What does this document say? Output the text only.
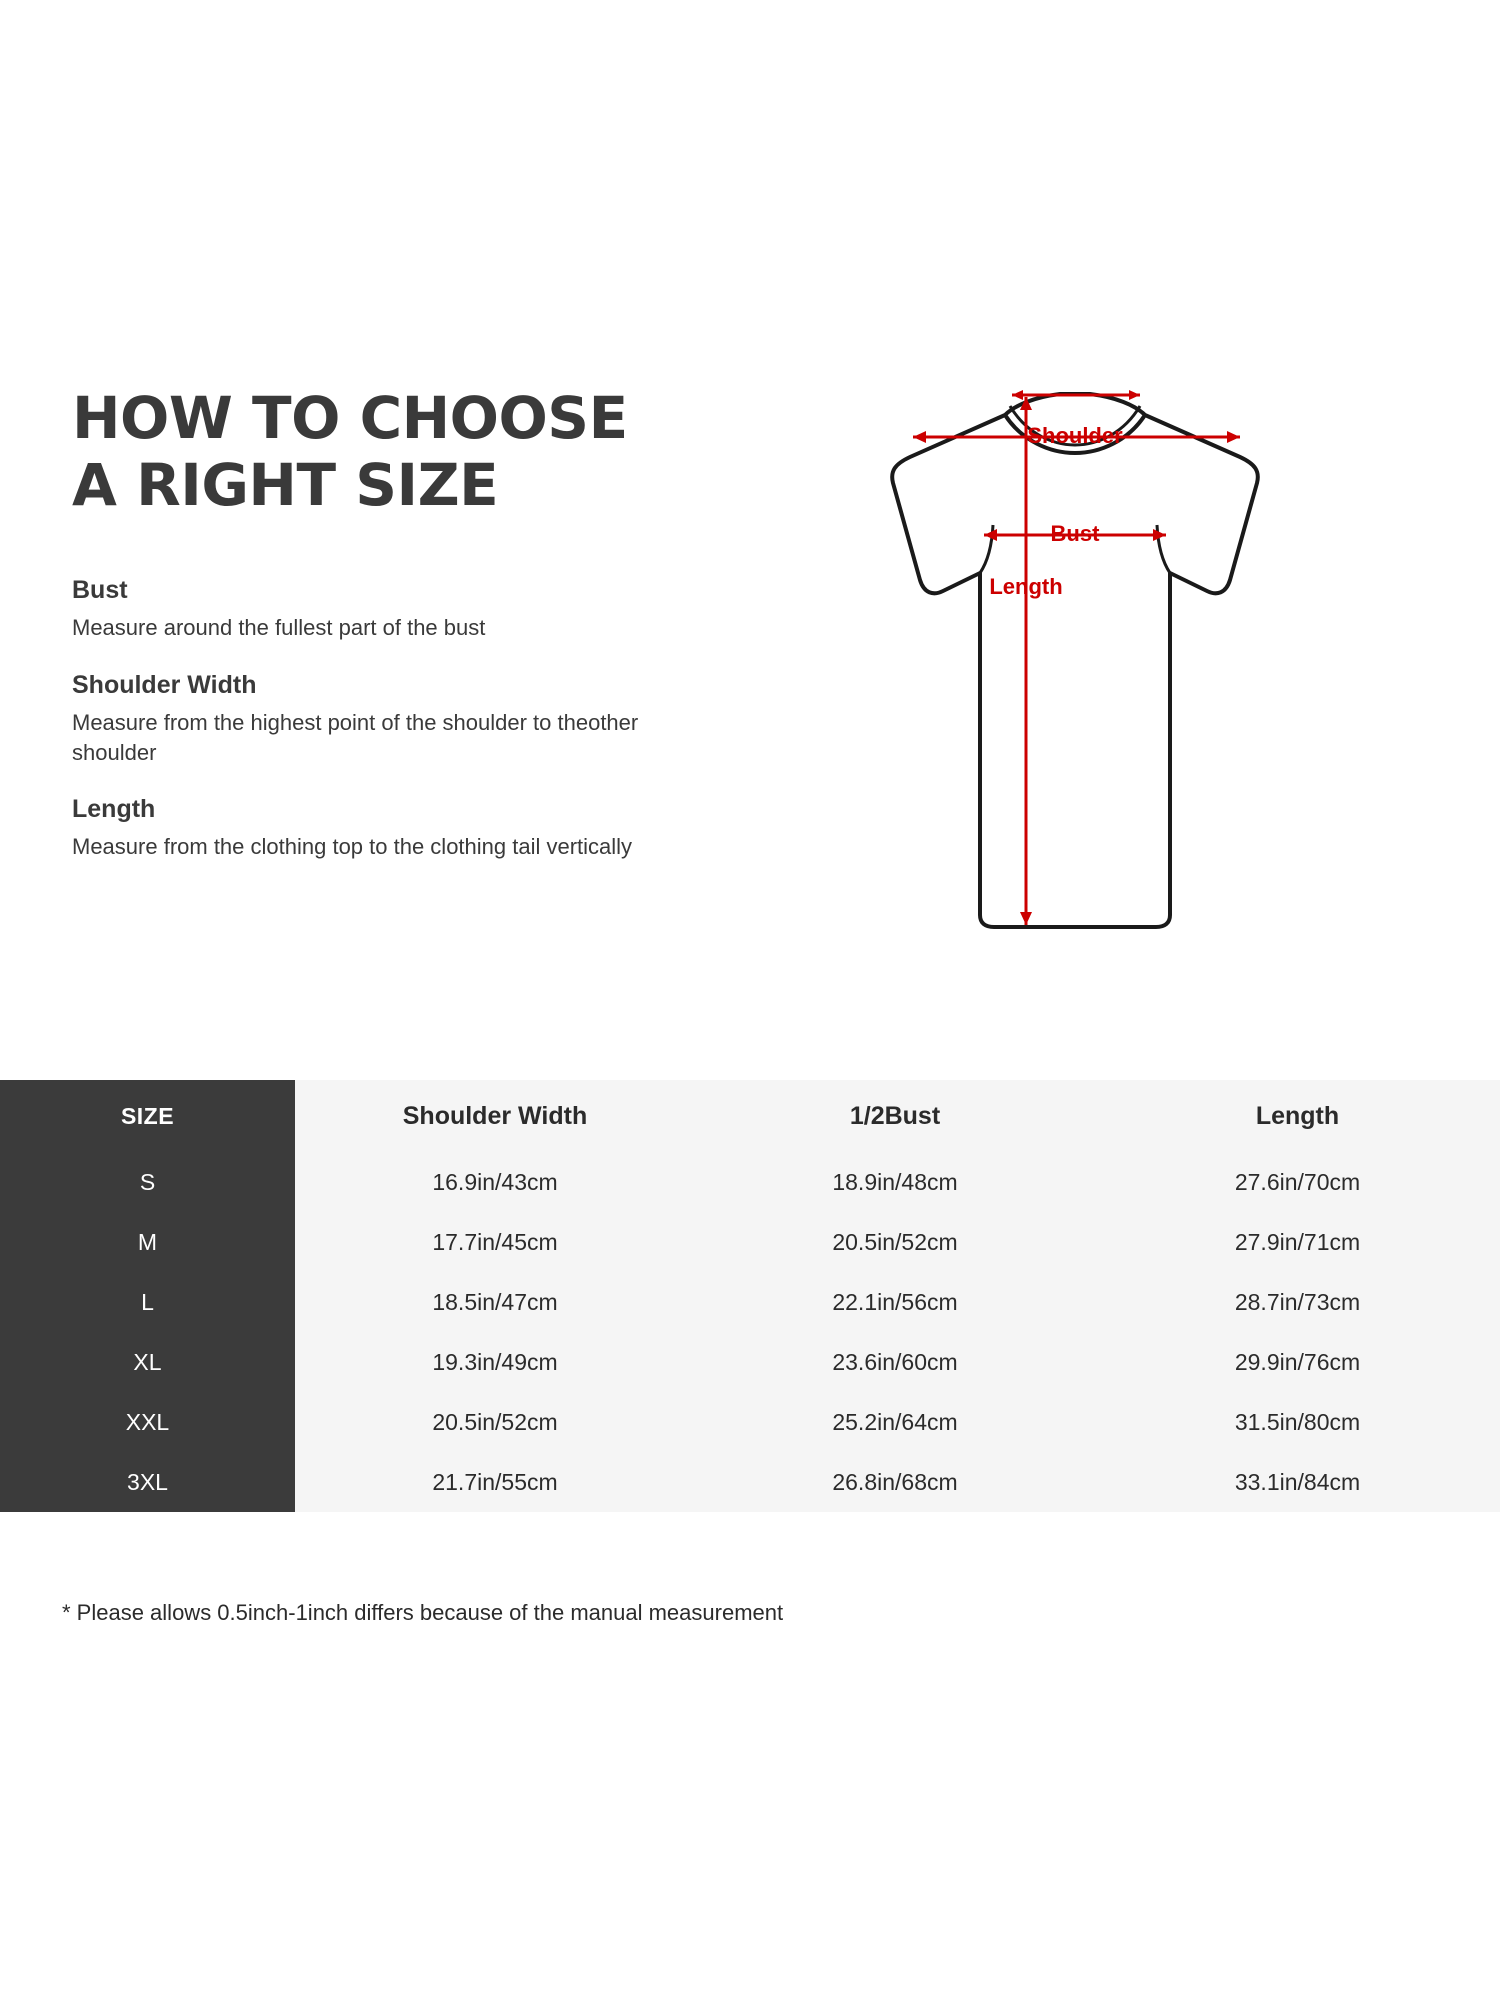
HOW TO CHOOSE
A RIGHT SIZE

Bust

Measure around the fullest part of the bust

Shoulder Width

Measure from the highest point of the shoulder to theother shoulder

Length

Measure from the clothing top to the clothing tail vertically

Shoulder
Bust
Length
SIZE	Shoulder Width	1/2Bust	Length
S	16.9in/43cm	18.9in/48cm	27.6in/70cm
M	17.7in/45cm	20.5in/52cm	27.9in/71cm
L	18.5in/47cm	22.1in/56cm	28.7in/73cm
XL	19.3in/49cm	23.6in/60cm	29.9in/76cm
XXL	20.5in/52cm	25.2in/64cm	31.5in/80cm
3XL	21.7in/55cm	26.8in/68cm	33.1in/84cm
* Please allows 0.5inch-1inch differs because of the manual measurement
